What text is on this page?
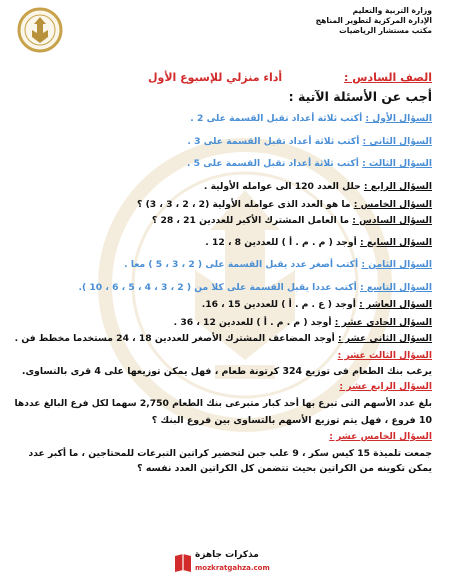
وزارة التربية والتعليم
الإدارة المركزية لتطوير المناهج
مكتب مستشار الرياضيات
الصف السادس : أداء منزلي للإسبوع الأول
أجب عن الأسئلة الآتية :
السؤال الأول : أكتب ثلاثة أعداد تقبل القسمة على 2 .
السؤال الثاني : أكتب ثلاثة أعداد تقبل القسمة على 3 .
السؤال الثالث : أكتب ثلاثة أعداد تقبل القسمة على 5 .
السؤال الرابع : حلل العدد 120 الى عوامله الأولية .
السؤال الخامس : ما هو العدد الذى عوامله الأولية (2 ، 2 ، 3 ، 3) ؟
السؤال السادس : ما العامل المشترك الأكبر للعددين 21 ، 28 ؟
السؤال السابع : أوجد ( م . م . أ ) للعددين 8 ، 12 .
السؤال الثامن : أكتب أصغر عدد يقبل القسمة على ( 2 ، 3 ، 5 ) معا .
السؤال التاسع : أكتب عددا يقبل القسمة على كلا من ( 2 ، 3 ، 4 ، 5 ، 6 ، 10 ).
السؤال العاشر : أوجد ( ع . م . أ ) للعددين 15 ، 16.
السؤال الحادى عشر : أوجد ( م . م . أ ) للعددين 12 ، 36 .
السؤال الثاني عشر : أوجد المضاعف المشترك الأصغر للعددين 18 ، 24 مستخدما مخطط فن .
السؤال الثالث عشر :
يرغب بنك الطعام فى توزيع 324 كرتونة طعام ، فهل يمكن توزيعها على 4 قرى بالتساوى.
السؤال الرابع عشر :
بلغ عدد الأسهم التى تبرع بها أحد كبار متبرعى بنك الطعام 2,750 سهما لكل فرع البالغ عددها
10 فروع ، فهل يتم توزيع الأسهم بالتساوى بين فروع البنك ؟
السؤال الخامس عشر :
جمعت تلميذة 15 كيس سكر ، 9 علب جبن لتحضير كراتين التبرعات للمحتاجين ، ما أكبر عدد
يمكن تكوينه من الكراتين بحيث تتضمن كل الكراتين العدد نفسه ؟
مذكرات جاهزة
mozkratgahza.com
